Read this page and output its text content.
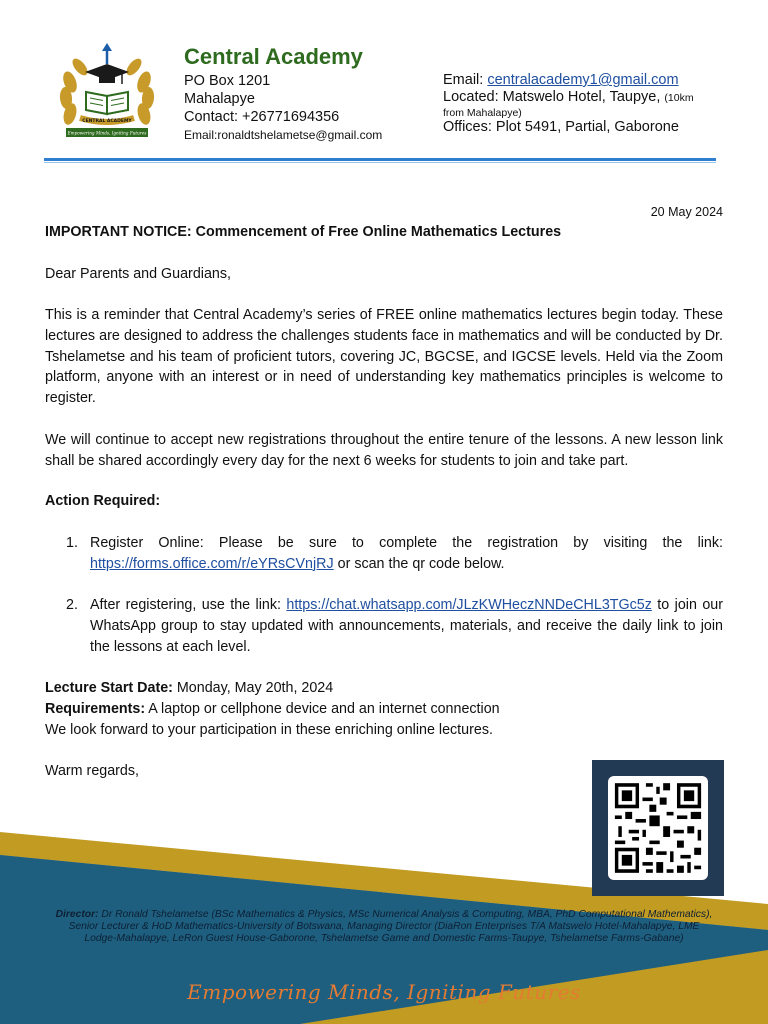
CENTRAL ACADEMY
Empowering Minds, Igniting Futures
Central Academy
PO Box 1201
Mahalapye
Contact: +26771694356
Email:ronaldtshelametse@gmail.com
Email: centralacademy1@gmail.com
Located: Matswelo Hotel, Taupye, (10km
from Mahalapye)
Offices: Plot 5491, Partial, Gaborone
20 May 2024
IMPORTANT NOTICE: Commencement of Free Online Mathematics Lectures
Dear Parents and Guardians,
This is a reminder that Central Academy’s series of FREE online mathematics lectures begin today. These lectures are designed to address the challenges students face in mathematics and will be conducted by Dr. Tshelametse and his team of proficient tutors, covering JC, BGCSE, and IGCSE levels. Held via the Zoom platform, anyone with an interest or in need of understanding key mathematics principles is welcome to register.
We will continue to accept new registrations throughout the entire tenure of the lessons. A new lesson link shall be shared accordingly every day for the next 6 weeks for students to join and take part.
Action Required:
1. Register Online: Please be sure to complete the registration by visiting the link: https://forms.office.com/r/eYRsCVnjRJ or scan the qr code below.
2. After registering, use the link: https://chat.whatsapp.com/JLzKWHeczNNDeCHL3TGc5z to join our WhatsApp group to stay updated with announcements, materials, and receive the daily link to join the lessons at each level.
Lecture Start Date: Monday, May 20th, 2024
Requirements: A laptop or cellphone device and an internet connection
We look forward to your participation in these enriching online lectures.
Warm regards,
Director: Dr Ronald Tshelametse (BSc Mathematics & Physics, MSc Numerical Analysis & Computing, MBA, PhD Computational Mathematics), Senior Lecturer & HoD Mathematics-University of Botswana, Managing Director (DiaRon Enterprises T/A Matswelo Hotel-Mahalapye, LME Lodge-Mahalapye, LeRon Guest House-Gaborone, Tshelametse Game and Domestic Farms-Taupye, Tshelametse Farms-Gabane)
Empowering Minds, Igniting Futures
